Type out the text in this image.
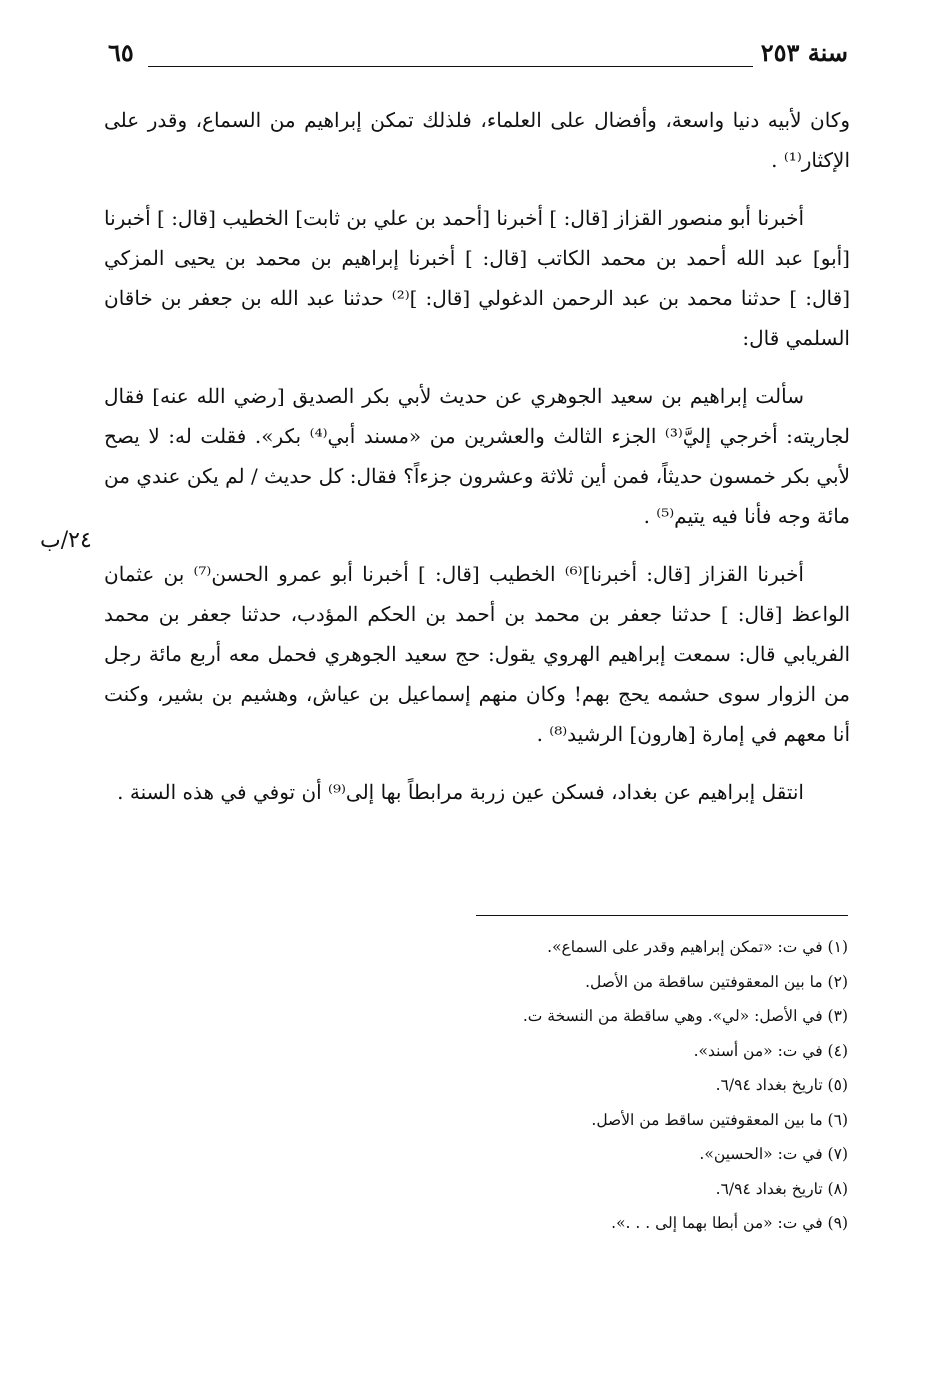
سنة ٢٥٣
٦٥

وكان لأبيه دنيا واسعة، وأفضال على العلماء، فلذلك تمكن إبراهيم من السماع، وقدر على الإكثار⁽¹⁾ .

أخبرنا أبو منصور القزاز [قال: ] أخبرنا [أحمد بن علي بن ثابت] الخطيب [قال: ] أخبرنا [أبو] عبد الله أحمد بن محمد الكاتب [قال: ] أخبرنا إبراهيم بن محمد بن يحيى المزكي [قال: ] حدثنا محمد بن عبد الرحمن الدغولي [قال: ]⁽²⁾ حدثنا عبد الله بن جعفر بن خاقان السلمي قال:

سألت إبراهيم بن سعيد الجوهري عن حديث لأبي بكر الصديق [رضي الله عنه] فقال لجاريته: أخرجي إليَّ⁽³⁾ الجزء الثالث والعشرين من «مسند أبي⁽⁴⁾ بكر». فقلت له: لا يصح لأبي بكر خمسون حديثاً، فمن أين ثلاثة وعشرون جزءاً؟ فقال: كل حديث / لم يكن عندي من مائة وجه فأنا فيه يتيم⁽⁵⁾ .

أخبرنا القزاز [قال: أخبرنا]⁽⁶⁾ الخطيب [قال: ] أخبرنا أبو عمرو الحسن⁽⁷⁾ بن عثمان الواعظ [قال: ] حدثنا جعفر بن محمد بن أحمد بن الحكم المؤدب، حدثنا جعفر بن محمد الفريابي قال: سمعت إبراهيم الهروي يقول: حج سعيد الجوهري فحمل معه أربع مائة رجل من الزوار سوى حشمه يحج بهم! وكان منهم إسماعيل بن عياش، وهشيم بن بشير، وكنت أنا معهم في إمارة [هارون] الرشيد⁽⁸⁾ .

انتقل إبراهيم عن بغداد، فسكن عين زربة مرابطاً بها إلى⁽⁹⁾ أن توفي في هذه السنة .

٢٤/ب
(١) في ت: «تمكن إبراهيم وقدر على السماع».
(٢) ما بين المعقوفتين ساقطة من الأصل.
(٣) في الأصل: «لي». وهي ساقطة من النسخة ت.
(٤) في ت: «من أسند».
(٥) تاريخ بغداد ٦/٩٤.
(٦) ما بين المعقوفتين ساقط من الأصل.
(٧) في ت: «الحسين».
(٨) تاريخ بغداد ٦/٩٤.
(٩) في ت: «من أبطا بهما إلى . . .».
